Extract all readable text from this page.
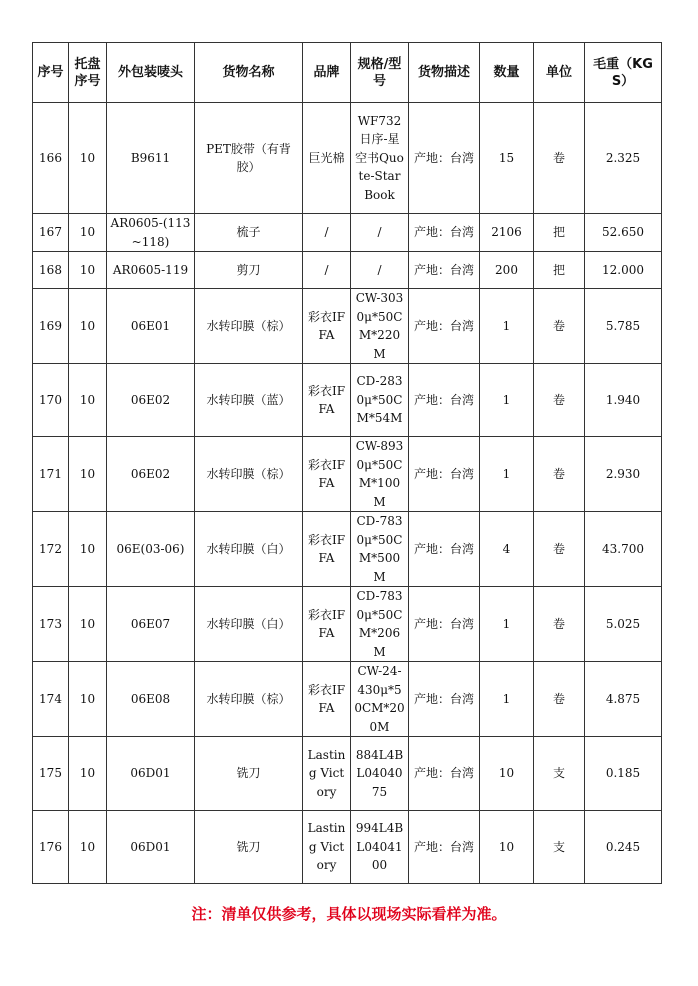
序号	托盘序号	外包装唛头	货物名称	品牌	规格/型号	货物描述	数量	单位	毛重（KGS）
166	10	B9611	PET胶带（有背胶）	巨光棉	WF732日序-星空书Quote-Star Book	产地：台湾	15	卷	2.325
167	10	AR0605-(113~118)	梳子	/	/	产地：台湾	2106	把	52.650
168	10	AR0605-119	剪刀	/	/	产地：台湾	200	把	12.000
169	10	06E01	水转印膜（棕）	彩衣IFFA	CW-3030μ*50CM*220M	产地：台湾	1	卷	5.785
170	10	06E02	水转印膜（蓝）	彩衣IFFA	CD-2830μ*50CM*54M	产地：台湾	1	卷	1.940
171	10	06E02	水转印膜（棕）	彩衣IFFA	CW-8930μ*50CM*100M	产地：台湾	1	卷	2.930
172	10	06E(03-06)	水转印膜（白）	彩衣IFFA	CD-7830μ*50CM*500M	产地：台湾	4	卷	43.700
173	10	06E07	水转印膜（白）	彩衣IFFA	CD-7830μ*50CM*206M	产地：台湾	1	卷	5.025
174	10	06E08	水转印膜（棕）	彩衣IFFA	CW-24-430μ*50CM*200M	产地：台湾	1	卷	4.875
175	10	06D01	铣刀	Lasting Victory	884L4BL0404075	产地：台湾	10	支	0.185
176	10	06D01	铣刀	Lasting Victory	994L4BL0404100	产地：台湾	10	支	0.245
注：清单仅供参考，具体以现场实际看样为准。
